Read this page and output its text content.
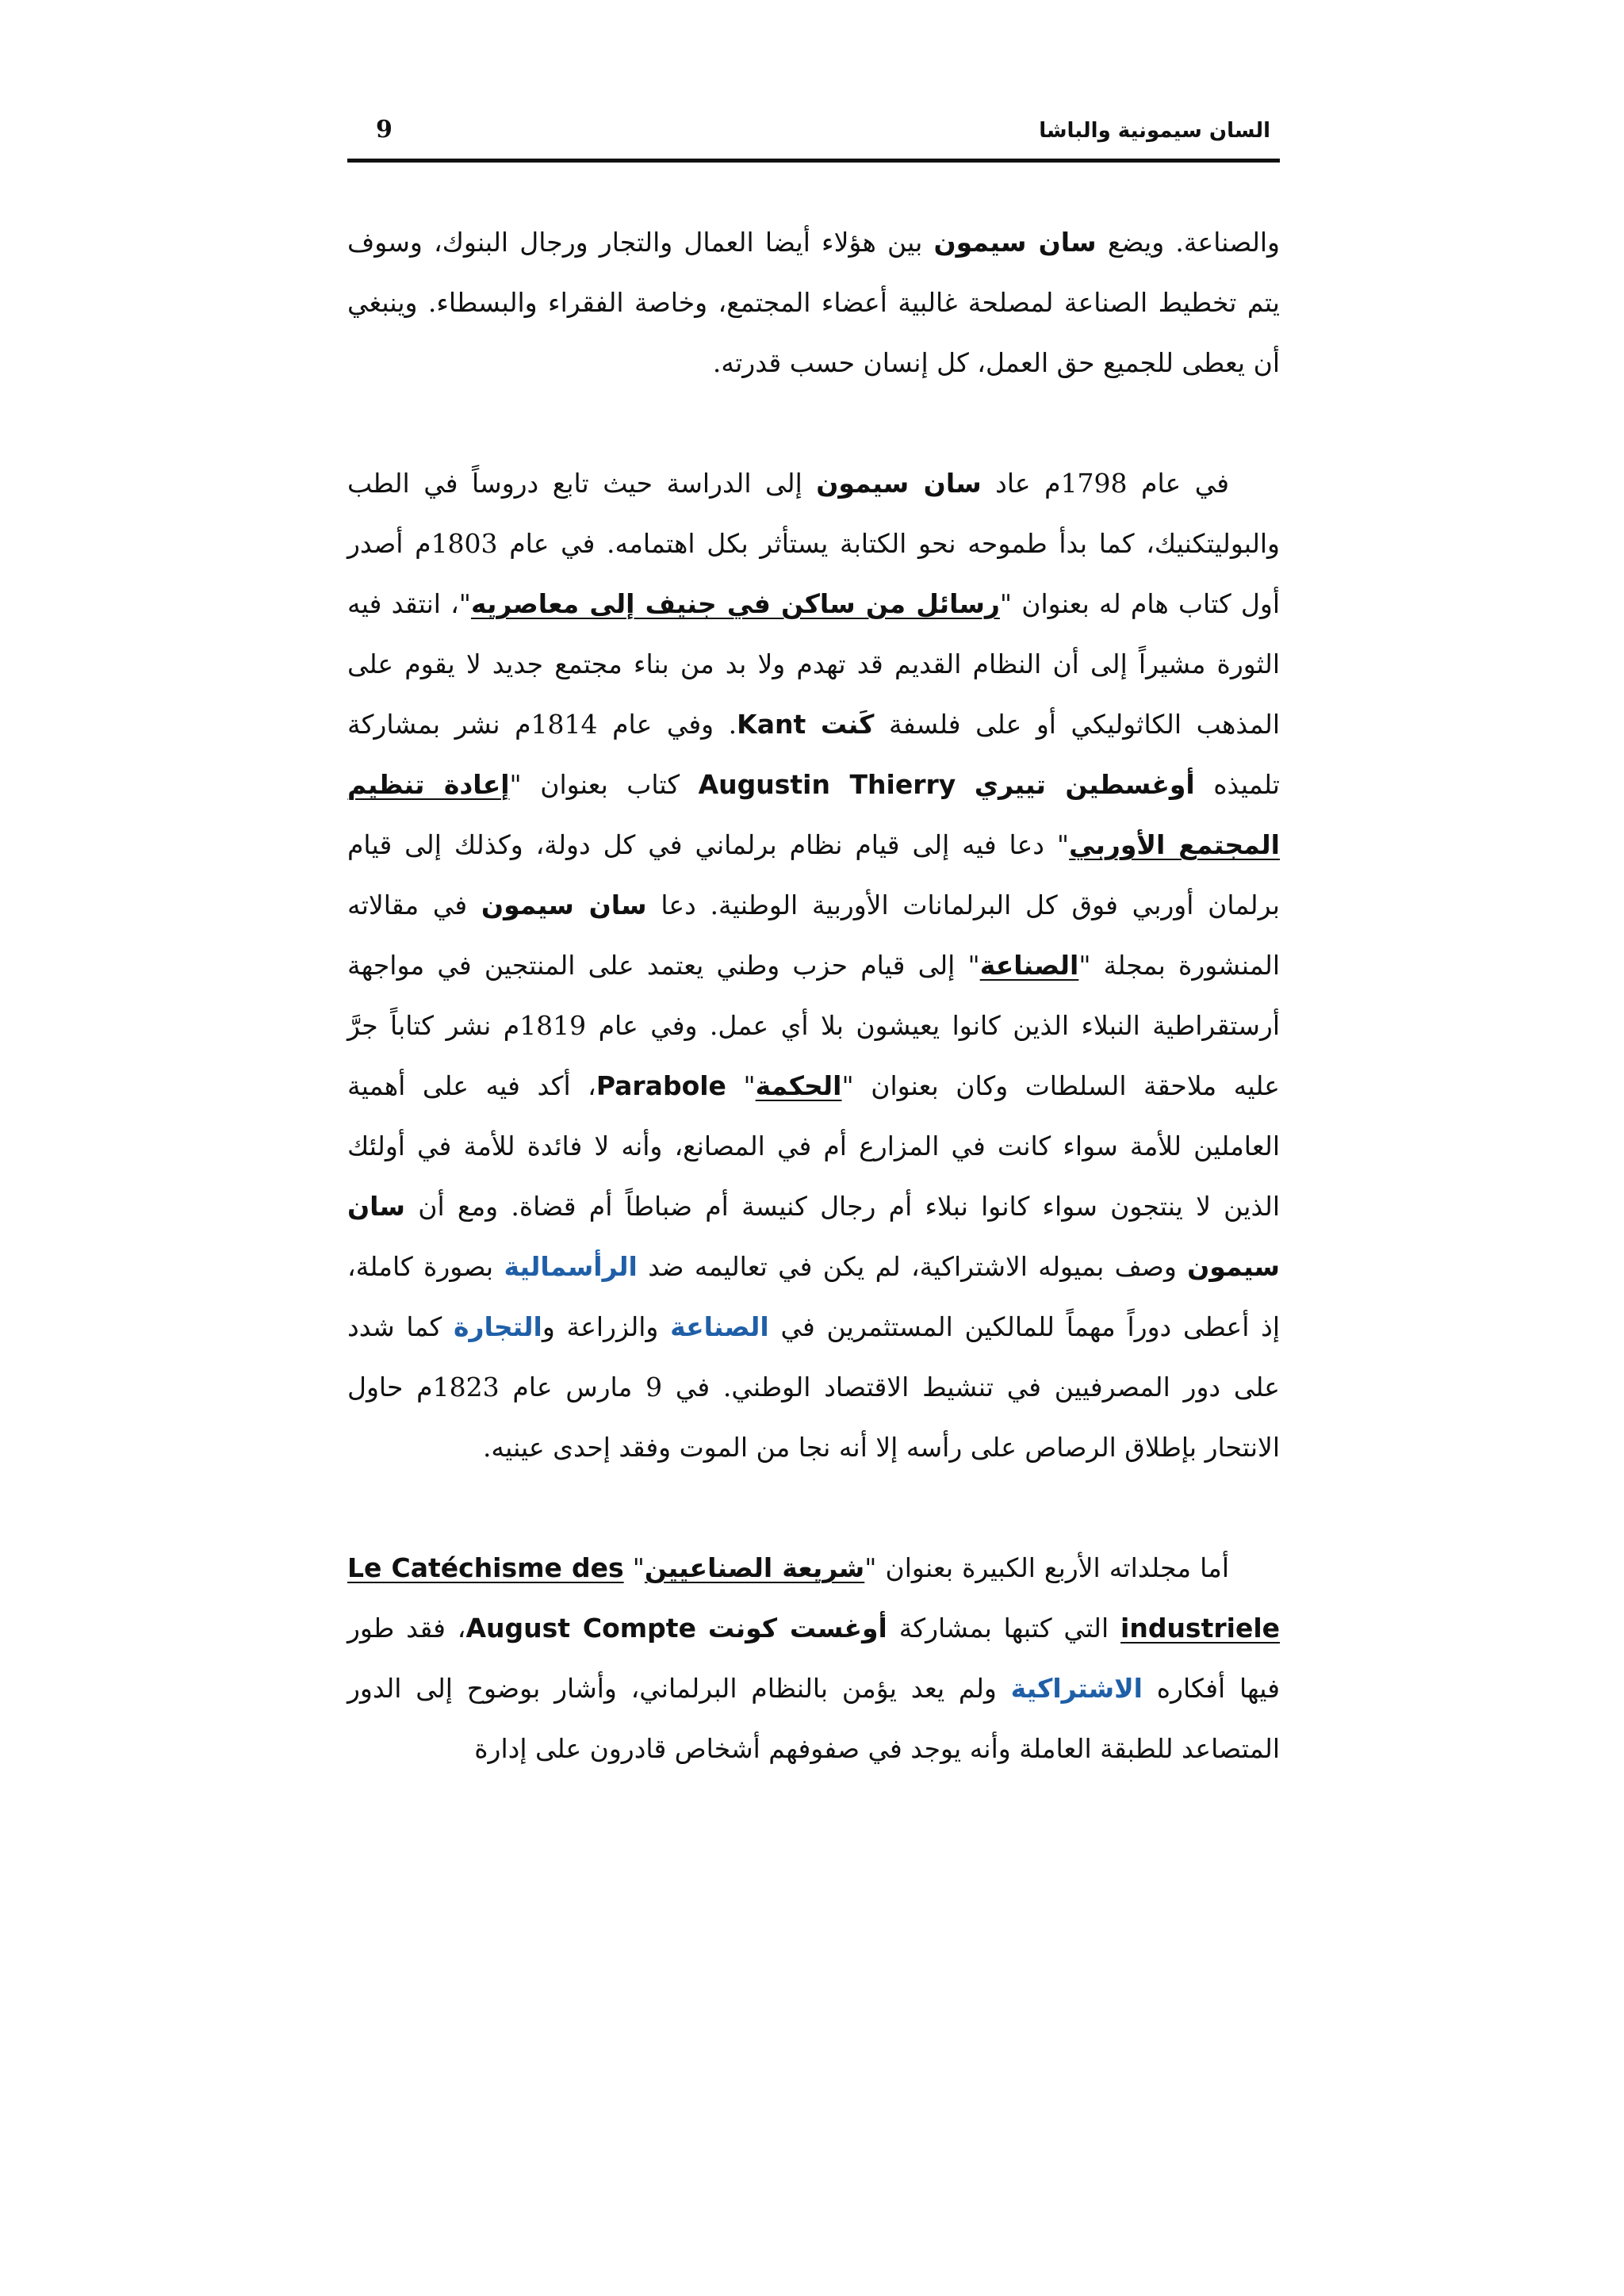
السان سيمونية والباشا
9

والصناعة. ويضع سان سيمون بين هؤلاء أيضا العمال والتجار ورجال البنوك، وسوف يتم تخطيط الصناعة لمصلحة غالبية أعضاء المجتمع، وخاصة الفقراء والبسطاء. وينبغي أن يعطى للجميع حق العمل، كل إنسان حسب قدرته.

في عام 1798م عاد سان سيمون إلى الدراسة حيث تابع دروساً في الطب والبوليتكنيك، كما بدأ طموحه نحو الكتابة يستأثر بكل اهتمامه. في عام 1803م أصدر أول كتاب هام له بعنوان "رسائل من ساكن في جنيف إلى معاصريه"، انتقد فيه الثورة مشيراً إلى أن النظام القديم قد تهدم ولا بد من بناء مجتمع جديد لا يقوم على المذهب الكاثوليكي أو على فلسفة كَنت Kant. وفي عام 1814م نشر بمشاركة تلميذه أوغسطين تييري Augustin Thierry كتاب بعنوان "إعادة تنظيم المجتمع الأوربي" دعا فيه إلى قيام نظام برلماني في كل دولة، وكذلك إلى قيام برلمان أوربي فوق كل البرلمانات الأوربية الوطنية. دعا سان سيمون في مقالاته المنشورة بمجلة "الصناعة" إلى قيام حزب وطني يعتمد على المنتجين في مواجهة أرستقراطية النبلاء الذين كانوا يعيشون بلا أي عمل. وفي عام 1819م نشر كتاباً جرَّ عليه ملاحقة السلطات وكان بعنوان "الحكمة" Parabole، أكد فيه على أهمية العاملين للأمة سواء كانت في المزارع أم في المصانع، وأنه لا فائدة للأمة في أولئك الذين لا ينتجون سواء كانوا نبلاء أم رجال كنيسة أم ضباطاً أم قضاة. ومع أن سان سيمون وصف بميوله الاشتراكية، لم يكن في تعاليمه ضد الرأسمالية بصورة كاملة، إذ أعطى دوراً مهماً للمالكين المستثمرين في الصناعة والزراعة والتجارة كما شدد على دور المصرفيين في تنشيط الاقتصاد الوطني. في 9 مارس عام 1823م حاول الانتحار بإطلاق الرصاص على رأسه إلا أنه نجا من الموت وفقد إحدى عينيه.

أما مجلداته الأربع الكبيرة بعنوان "شريعة الصناعيين" Le Catéchisme des industriele التي كتبها بمشاركة أوغست كونت August Compte، فقد طور فيها أفكاره الاشتراكية ولم يعد يؤمن بالنظام البرلماني، وأشار بوضوح إلى الدور المتصاعد للطبقة العاملة وأنه يوجد في صفوفهم أشخاص قادرون على إدارة
